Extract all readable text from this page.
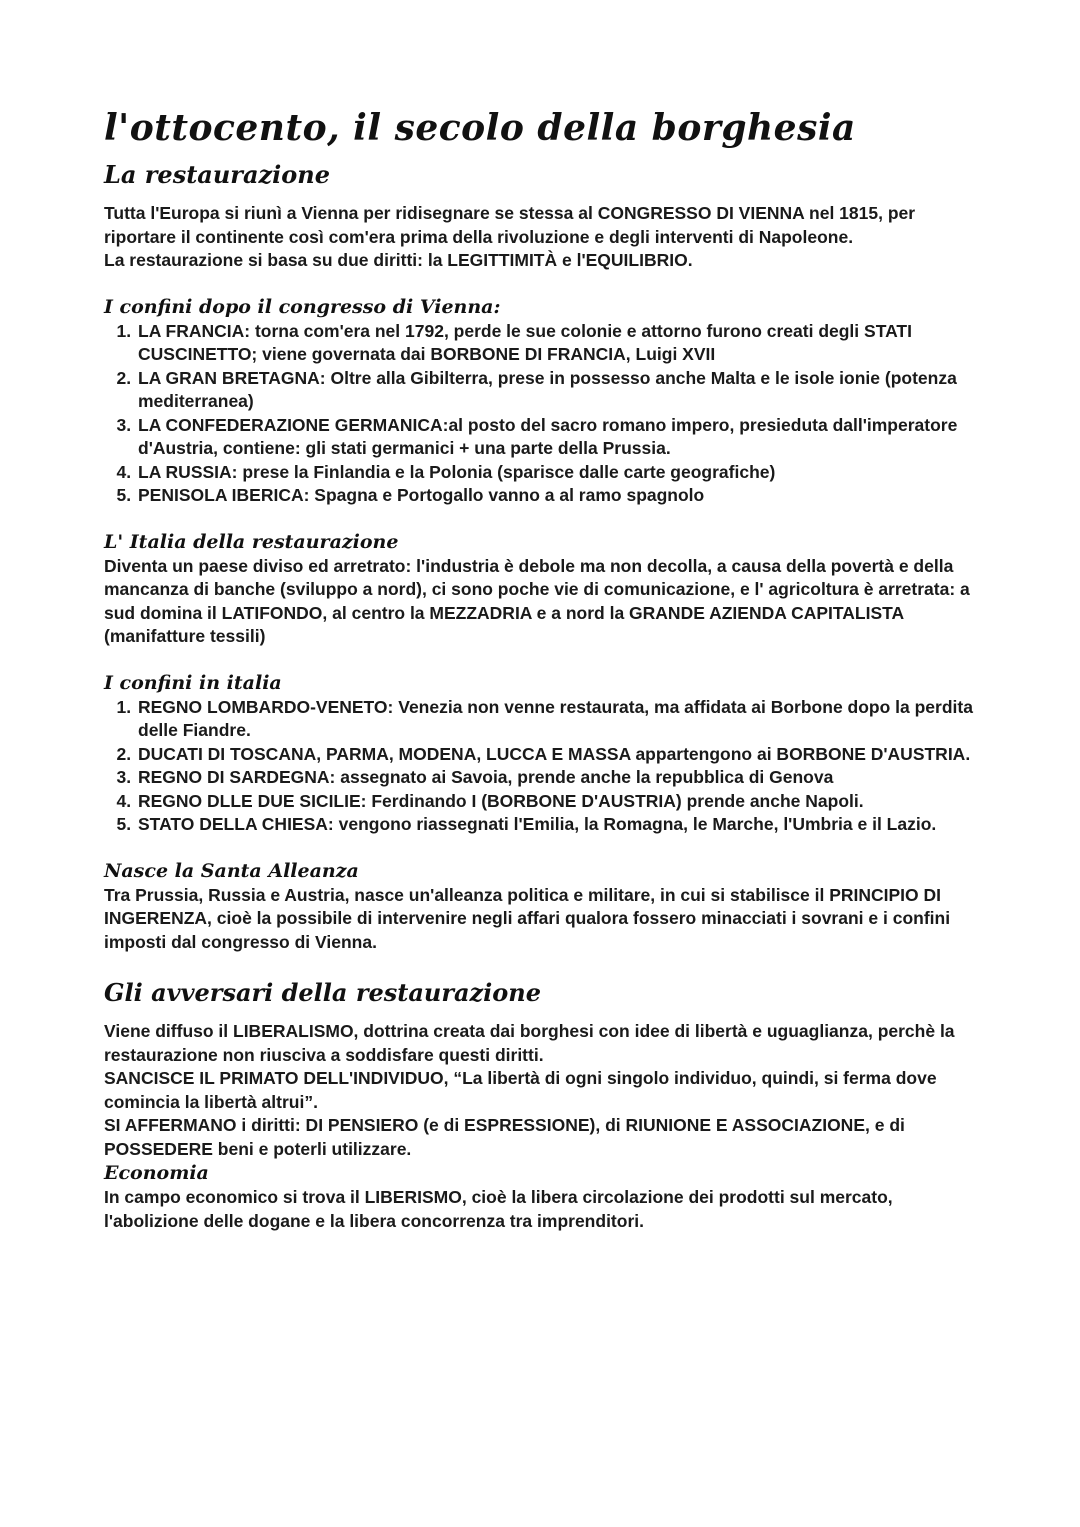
l'ottocento, il secolo della borghesia
La restaurazione

Tutta l'Europa si riunì a Vienna per ridisegnare se stessa al CONGRESSO DI VIENNA nel 1815, per riportare il continente così com'era prima della rivoluzione e degli interventi di Napoleone.

La restaurazione si basa su due diritti: la LEGITTIMITÀ e l'EQUILIBRIO.

I confini dopo il congresso di Vienna:
1. LA FRANCIA: torna com'era nel 1792, perde le sue colonie e attorno furono creati degli STATI CUSCINETTO; viene governata dai BORBONE DI FRANCIA, Luigi XVII
2. LA GRAN BRETAGNA: Oltre alla Gibilterra, prese in possesso anche Malta e le isole ionie (potenza mediterranea)
3. LA CONFEDERAZIONE GERMANICA:al posto del sacro romano impero, presieduta dall'imperatore d'Austria, contiene: gli stati germanici + una parte della Prussia.
4. LA RUSSIA: prese la Finlandia e la Polonia (sparisce dalle carte geografiche)
5. PENISOLA IBERICA: Spagna e Portogallo vanno a al ramo spagnolo
L' Italia della restaurazione

Diventa un paese diviso ed arretrato: l'industria è debole ma non decolla, a causa della povertà e della mancanza di banche (sviluppo a nord), ci sono poche vie di comunicazione, e l' agricoltura è arretrata: a sud domina il LATIFONDO, al centro la MEZZADRIA e a nord la GRANDE AZIENDA CAPITALISTA (manifatture tessili)

I confini in italia
1. REGNO LOMBARDO-VENETO: Venezia non venne restaurata, ma affidata ai Borbone dopo la perdita delle Fiandre.
2. DUCATI DI TOSCANA, PARMA, MODENA, LUCCA E MASSA appartengono ai BORBONE D'AUSTRIA.
3. REGNO DI SARDEGNA: assegnato ai Savoia, prende anche la repubblica di Genova
4. REGNO DLLE DUE SICILIE: Ferdinando I (BORBONE D'AUSTRIA) prende anche Napoli.
5. STATO DELLA CHIESA: vengono riassegnati l'Emilia, la Romagna, le Marche, l'Umbria e il Lazio.
Nasce la Santa Alleanza

Tra Prussia, Russia e Austria, nasce un'alleanza politica e militare, in cui si stabilisce il PRINCIPIO DI INGERENZA, cioè la possibile di intervenire negli affari qualora fossero minacciati i sovrani e i confini imposti dal congresso di Vienna.

Gli avversari della restaurazione

Viene diffuso il LIBERALISMO, dottrina creata dai borghesi con idee di libertà e uguaglianza, perchè la restaurazione non riusciva a soddisfare questi diritti.

SANCISCE IL PRIMATO DELL'INDIVIDUO, “La libertà di ogni singolo individuo, quindi, si ferma dove comincia la libertà altrui”.

SI AFFERMANO i diritti: DI PENSIERO (e di ESPRESSIONE), di RIUNIONE E ASSOCIAZIONE, e di POSSEDERE beni e poterli utilizzare.

Economia

In campo economico si trova il LIBERISMO, cioè la libera circolazione dei prodotti sul mercato, l'abolizione delle dogane e la libera concorrenza tra imprenditori.
